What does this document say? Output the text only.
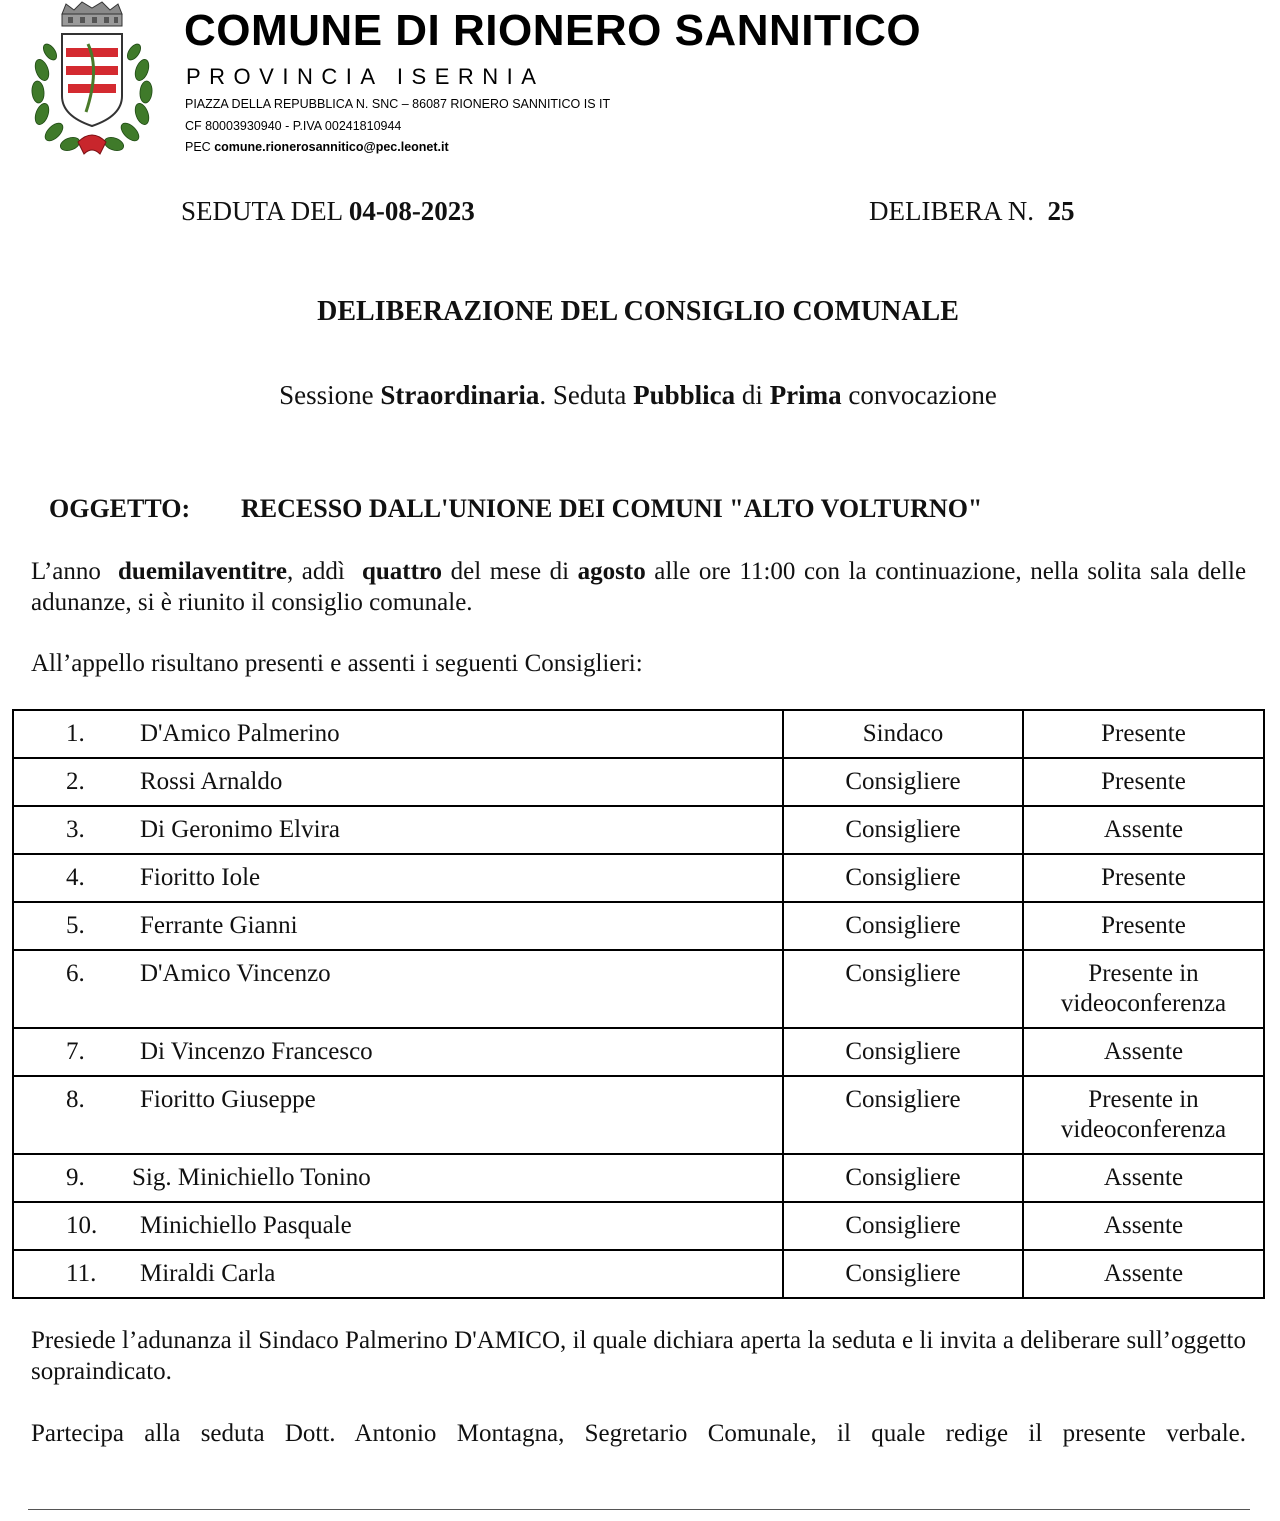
COMUNE DI RIONERO SANNITICO
PROVINCIA ISERNIA
PIAZZA DELLA REPUBBLICA N. SNC – 86087 RIONERO SANNITICO IS IT
CF 80003930940 - P.IVA 00241810944
PEC comune.rionerosannitico@pec.leonet.it
SEDUTA DEL 04-08-2023	DELIBERA N. 25
DELIBERAZIONE DEL CONSIGLIO COMUNALE
Sessione Straordinaria. Seduta Pubblica di Prima convocazione
OGGETTO: RECESSO DALL'UNIONE DEI COMUNI "ALTO VOLTURNO"
L’anno duemilaventitre, addì quattro del mese di agosto alle ore 11:00 con la continuazione, nella solita sala delle adunanze, si è riunito il consiglio comunale.
All’appello risultano presenti e assenti i seguenti Consiglieri:
1. D'Amico Palmerino	Sindaco	Presente
2. Rossi Arnaldo	Consigliere	Presente
3. Di Geronimo Elvira	Consigliere	Assente
4. Fioritto Iole	Consigliere	Presente
5. Ferrante Gianni	Consigliere	Presente
6. D'Amico Vincenzo	Consigliere	Presente in videoconferenza
7. Di Vincenzo Francesco	Consigliere	Assente
8. Fioritto Giuseppe	Consigliere	Presente in videoconferenza
9. Sig. Minichiello Tonino	Consigliere	Assente
10. Minichiello Pasquale	Consigliere	Assente
11. Miraldi Carla	Consigliere	Assente
Presiede l’adunanza il Sindaco Palmerino D'AMICO, il quale dichiara aperta la seduta e li invita a deliberare sull’oggetto sopraindicato.
Partecipa alla seduta Dott. Antonio Montagna, Segretario Comunale, il quale redige il presente verbale.
